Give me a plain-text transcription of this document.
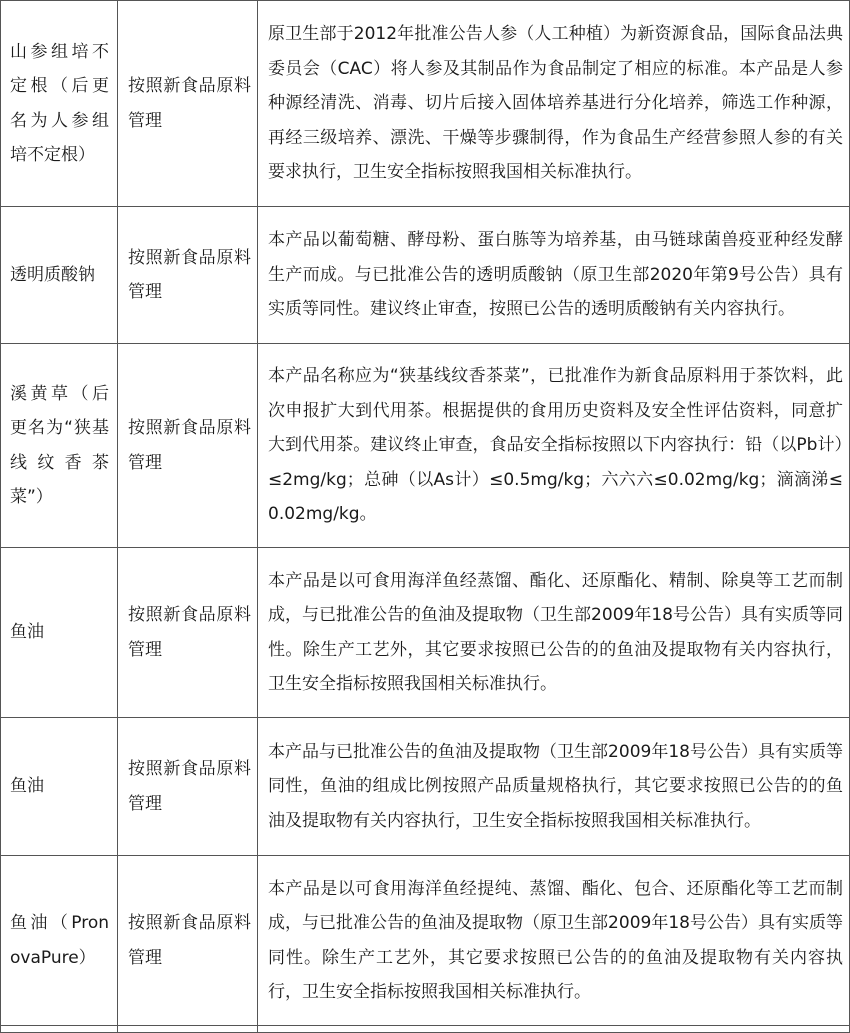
山参组培不定根（后更名为人参组培不定根）	按照新食品原料管理	原卫生部于2012年批准公告人参（人工种植）为新资源食品，国际食品法典委员会（CAC）将人参及其制品作为食品制定了相应的标准。本产品是人参种源经清洗、消毒、切片后接入固体培养基进行分化培养，筛选工作种源，再经三级培养、漂洗、干燥等步骤制得，作为食品生产经营参照人参的有关要求执行，卫生安全指标按照我国相关标准执行。
透明质酸钠	按照新食品原料管理	本产品以葡萄糖、酵母粉、蛋白胨等为培养基，由马链球菌兽疫亚种经发酵生产而成。与已批准公告的透明质酸钠（原卫生部2020年第9号公告）具有实质等同性。建议终止审查，按照已公告的透明质酸钠有关内容执行。
溪黄草（后更名为“狭基线纹香茶菜”）	按照新食品原料管理	本产品名称应为“狭基线纹香茶菜”，已批准作为新食品原料用于茶饮料，此次申报扩大到代用茶。根据提供的食用历史资料及安全性评估资料，同意扩大到代用茶。建议终止审查，食品安全指标按照以下内容执行：铅（以Pb计）≤2mg/kg；总砷（以As计）≤0.5mg/kg；六六六≤0.02mg/kg；滴滴涕≤0.02mg/kg。
鱼油	按照新食品原料管理	本产品是以可食用海洋鱼经蒸馏、酯化、还原酯化、精制、除臭等工艺而制成，与已批准公告的鱼油及提取物（卫生部2009年18号公告）具有实质等同性。除生产工艺外，其它要求按照已公告的的鱼油及提取物有关内容执行，卫生安全指标按照我国相关标准执行。
鱼油	按照新食品原料管理	本产品与已批准公告的鱼油及提取物（卫生部2009年18号公告）具有实质等同性，鱼油的组成比例按照产品质量规格执行，其它要求按照已公告的的鱼油及提取物有关内容执行，卫生安全指标按照我国相关标准执行。
鱼油（PronovaPure）	按照新食品原料管理	本产品是以可食用海洋鱼经提纯、蒸馏、酯化、包合、还原酯化等工艺而制成，与已批准公告的鱼油及提取物（原卫生部2009年18号公告）具有实质等同性。除生产工艺外，其它要求按照已公告的的鱼油及提取物有关内容执行，卫生安全指标按照我国相关标准执行。
